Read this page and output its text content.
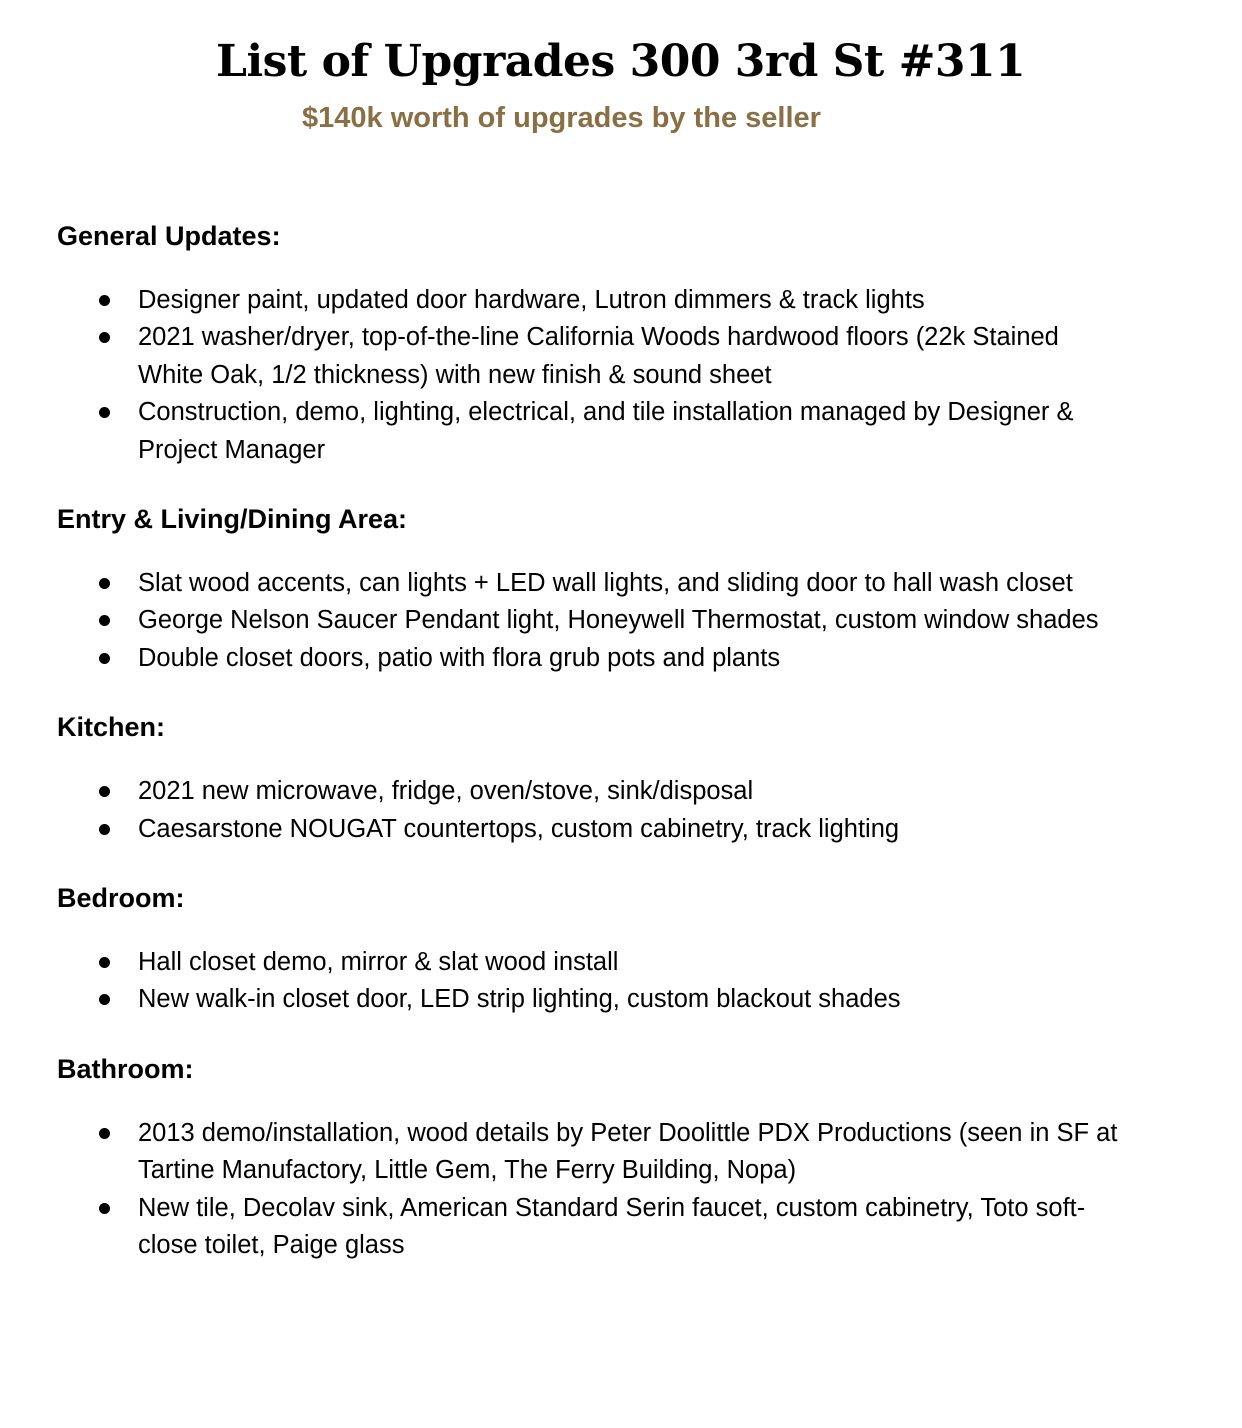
List of Upgrades 300 3rd St #311
$140k worth of upgrades by the seller
General Updates:
Designer paint, updated door hardware, Lutron dimmers & track lights
2021 washer/dryer, top-of-the-line California Woods hardwood floors (22k Stained White Oak, 1/2 thickness) with new finish & sound sheet
Construction, demo, lighting, electrical, and tile installation managed by Designer & Project Manager
Entry & Living/Dining Area:
Slat wood accents, can lights + LED wall lights, and sliding door to hall wash closet
George Nelson Saucer Pendant light, Honeywell Thermostat, custom window shades
Double closet doors, patio with flora grub pots and plants
Kitchen:
2021 new microwave, fridge, oven/stove, sink/disposal
Caesarstone NOUGAT countertops, custom cabinetry, track lighting
Bedroom:
Hall closet demo, mirror & slat wood install
New walk-in closet door, LED strip lighting, custom blackout shades
Bathroom:
2013 demo/installation, wood details by Peter Doolittle PDX Productions (seen in SF at Tartine Manufactory, Little Gem, The Ferry Building, Nopa)
New tile, Decolav sink, American Standard Serin faucet, custom cabinetry, Toto soft-close toilet, Paige glass
